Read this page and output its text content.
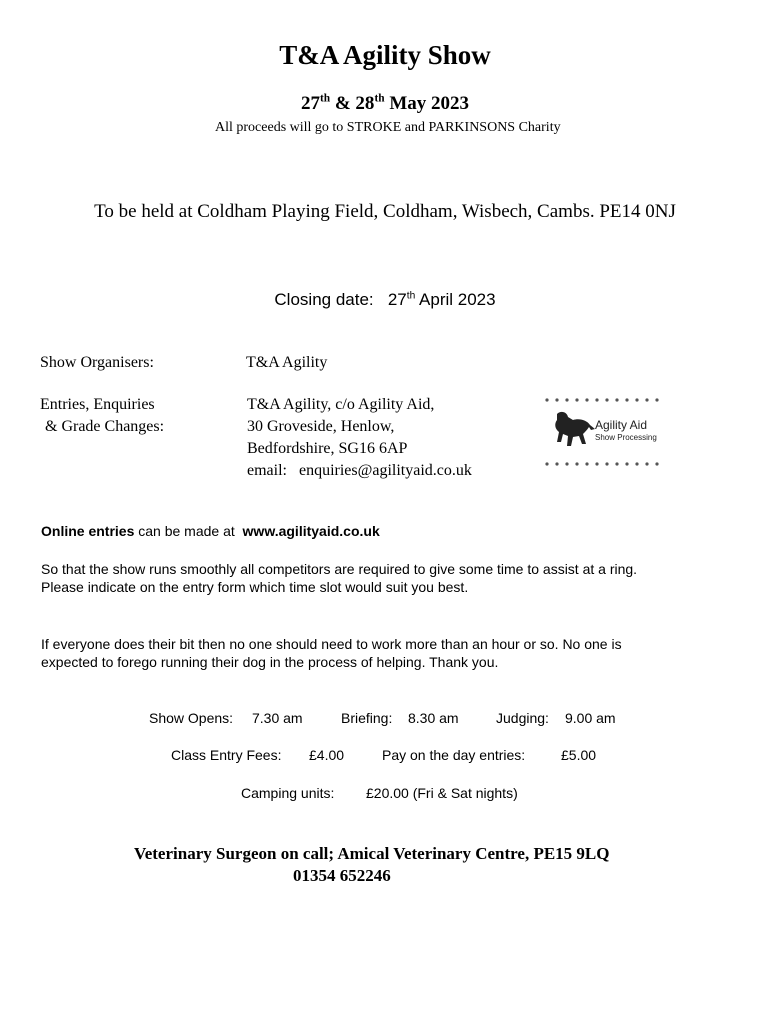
T&A Agility Show
27th & 28th May 2023
All proceeds will go to STROKE and PARKINSONS Charity
To be held at Coldham Playing Field, Coldham, Wisbech, Cambs. PE14 0NJ
Closing date: 27th April 2023
Show Organisers:	T&A Agility
Entries, Enquiries
& Grade Changes:
T&A Agility, c/o Agility Aid,
30 Groveside, Henlow,
Bedfordshire, SG16 6AP
email: enquiries@agilityaid.co.uk
Agility Aid
Show Processing
Online entries can be made at  www.agilityaid.co.uk
So that the show runs smoothly all competitors are required to give some time to assist at a ring.
Please indicate on the entry form which time slot would suit you best.
If everyone does their bit then no one should need to work more than an hour or so. No one is
expected to forego running their dog in the process of helping. Thank you.
Show Opens: 7.30 am	Briefing: 8.30 am	Judging: 9.00 am
Class Entry Fees: £4.00	Pay on the day entries:	£5.00
Camping units: £20.00 (Fri & Sat nights)
Veterinary Surgeon on call; Amical Veterinary Centre, PE15 9LQ
01354 652246
